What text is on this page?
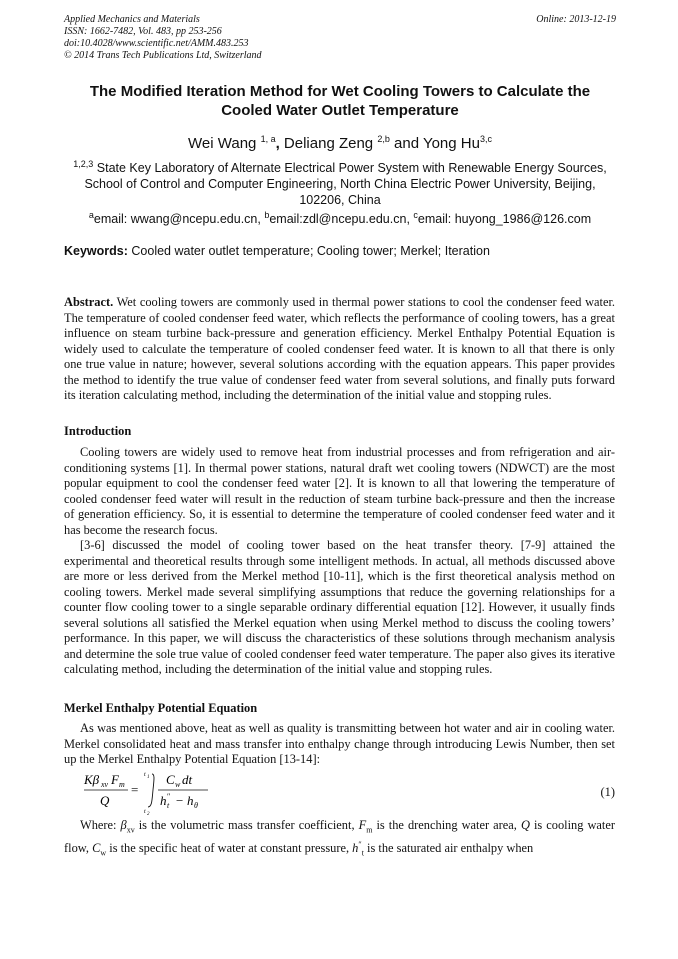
Applied Mechanics and Materials
ISSN: 1662-7482, Vol. 483, pp 253-256
doi:10.4028/www.scientific.net/AMM.483.253
© 2014 Trans Tech Publications Ltd, Switzerland
Online: 2013-12-19
The Modified Iteration Method for Wet Cooling Towers to Calculate the Cooled Water Outlet Temperature
Wei Wang $^{1, a}$, Deliang Zeng $^{2,b}$ and Yong Hu$^{3,c}$
$^{1,2,3}$ State Key Laboratory of Alternate Electrical Power System with Renewable Energy Sources, School of Control and Computer Engineering, North China Electric Power University, Beijing, 102206, China
$^a$email: wwang@ncepu.edu.cn, $^b$email:zdl@ncepu.edu.cn, $^c$email: huyong_1986@126.com
Keywords: Cooled water outlet temperature; Cooling tower; Merkel; Iteration

Abstract. Wet cooling towers are commonly used in thermal power stations to cool the condenser feed water. The temperature of cooled condenser feed water, which reflects the performance of cooling towers, has a great influence on steam turbine back-pressure and generation efficiency. Merkel Enthalpy Potential Equation is widely used to calculate the temperature of cooled condenser feed water. It is known to all that there is only one true value in nature; however, several solutions according with the equation appears. This paper provides the method to identify the true value of condenser feed water from several solutions, and finally puts forward its iteration calculating method, including the determination of the initial value and stopping rules.

Introduction

Cooling towers are widely used to remove heat from industrial processes and from refrigeration and air-conditioning systems [1]. In thermal power stations, natural draft wet cooling towers (NDWCT) are the most popular equipment to cool the condenser feed water [2]. It is known to all that lowering the temperature of cooled condenser feed water will result in the reduction of steam turbine back-pressure and then the increase of generation efficiency. So, it is essential to determine the temperature of cooled condenser feed water and it has become the research focus.

[3-6] discussed the model of cooling tower based on the heat transfer theory. [7-9] attained the experimental and theoretical results through some intelligent methods. In actual, all methods discussed above are more or less derived from the Merkel method [10-11], which is the first theoretical analysis method on cooling towers. Merkel made several simplifying assumptions that reduce the governing relationships for a counter flow cooling tower to a single separable ordinary differential equation [12]. However, it usually finds several solutions all satisfied the Merkel equation when using Merkel method to discuss the cooling towers’ performance. In this paper, we will discuss the characteristics of these solutions through mechanism analysis and determine the sole true value of cooled condenser feed water temperature. The paper also gives its iterative calculating method, including the determination of the initial value and stopping rules.

Merkel Enthalpy Potential Equation

As was mentioned above, heat as well as quality is transmitting between hot water and air in cooling water. Merkel consolidated heat and mass transfer into enthalpy change through introducing Lewis Number, then set up the Merkel Enthalpy Potential Equation [13-14]:

Kβ xv F m
Q
=
t 1
t 2
C w dt
h ″
t − h θ
(1)

Where: $\beta_{xv}$ is the volumetric mass transfer coefficient, $F_m$ is the drenching water area, Q is cooling water flow, $C_w$ is the specific heat of water at constant pressure, $h''_t$ is the saturated air enthalpy when
